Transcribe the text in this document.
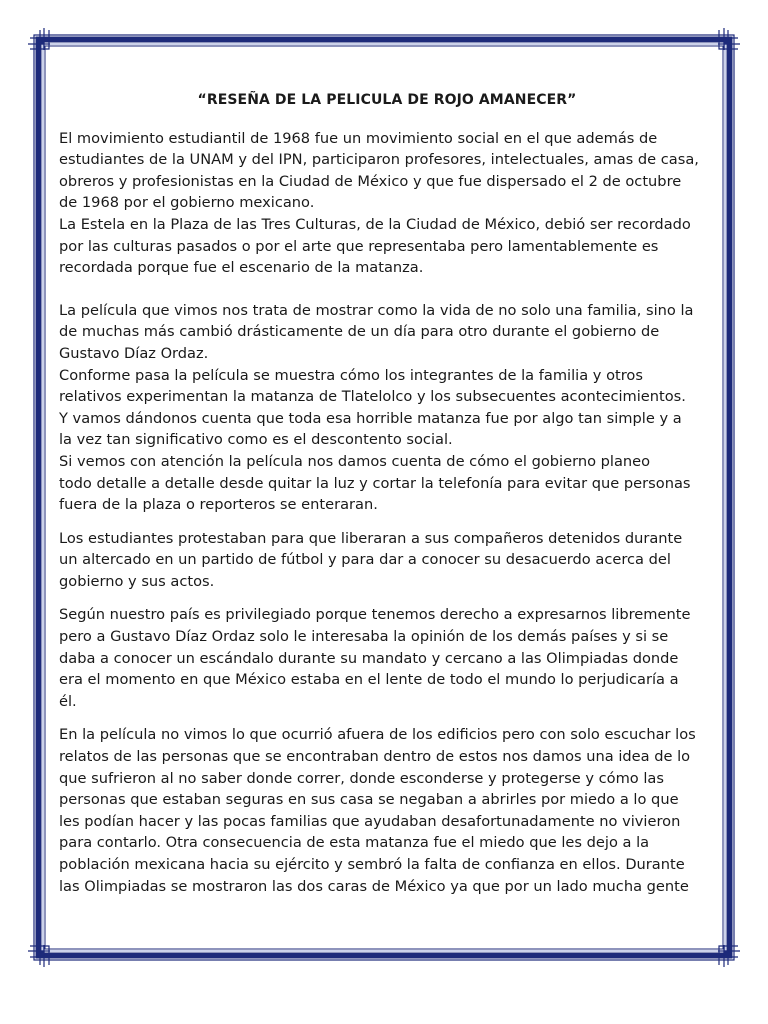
“RESEÑA DE LA PELICULA DE ROJO AMANECER”
El movimiento estudiantil de 1968 fue un movimiento social en el que además de
estudiantes de la UNAM y del IPN, participaron profesores, intelectuales, amas de casa,
obreros y profesionistas en la Ciudad de México y que fue dispersado el 2 de octubre
de 1968 por el gobierno mexicano.
La Estela en la Plaza de las Tres Culturas, de la Ciudad de México, debió ser recordado
por las culturas pasados o por el arte que representaba pero lamentablemente es
recordada porque fue el escenario de la matanza.
La película que vimos nos trata de mostrar como la vida de no solo una familia, sino la
de muchas más cambió drásticamente de un día para otro durante el gobierno de
Gustavo Díaz Ordaz.
Conforme pasa la película se muestra cómo los integrantes de la familia y otros
relativos experimentan la matanza de Tlatelolco y los subsecuentes acontecimientos.
Y vamos dándonos cuenta que toda esa horrible matanza fue por algo tan simple y a
la vez tan significativo como es el descontento social.
Si vemos con atención la película nos damos cuenta de cómo el gobierno planeo
todo detalle a detalle desde quitar la luz y cortar la telefonía para evitar que personas
fuera de la plaza o reporteros se enteraran.
Los estudiantes protestaban para que liberaran a sus compañeros detenidos durante
un altercado en un partido de fútbol y para dar a conocer su desacuerdo acerca del
gobierno y sus actos.
Según nuestro país es privilegiado porque tenemos derecho a expresarnos libremente
pero a Gustavo Díaz Ordaz solo le interesaba la opinión de los demás países y si se
daba a conocer un escándalo durante su mandato y cercano a las Olimpiadas donde
era el momento en que México estaba en el lente de todo el mundo lo perjudicaría a
él.
En la película no vimos lo que ocurrió afuera de los edificios pero con solo escuchar los
relatos de las personas que se encontraban dentro de estos nos damos una idea de lo
que sufrieron al no saber donde correr, donde esconderse y protegerse y cómo las
personas que estaban seguras en sus casa se negaban a abrirles por miedo a lo que
les podían hacer y las pocas familias que ayudaban desafortunadamente no vivieron
para contarlo. Otra consecuencia de esta matanza fue el miedo que les dejo a la
población mexicana hacia su ejército y sembró la falta de confianza en ellos. Durante
las Olimpiadas se mostraron las dos caras de México ya que por un lado mucha gente
